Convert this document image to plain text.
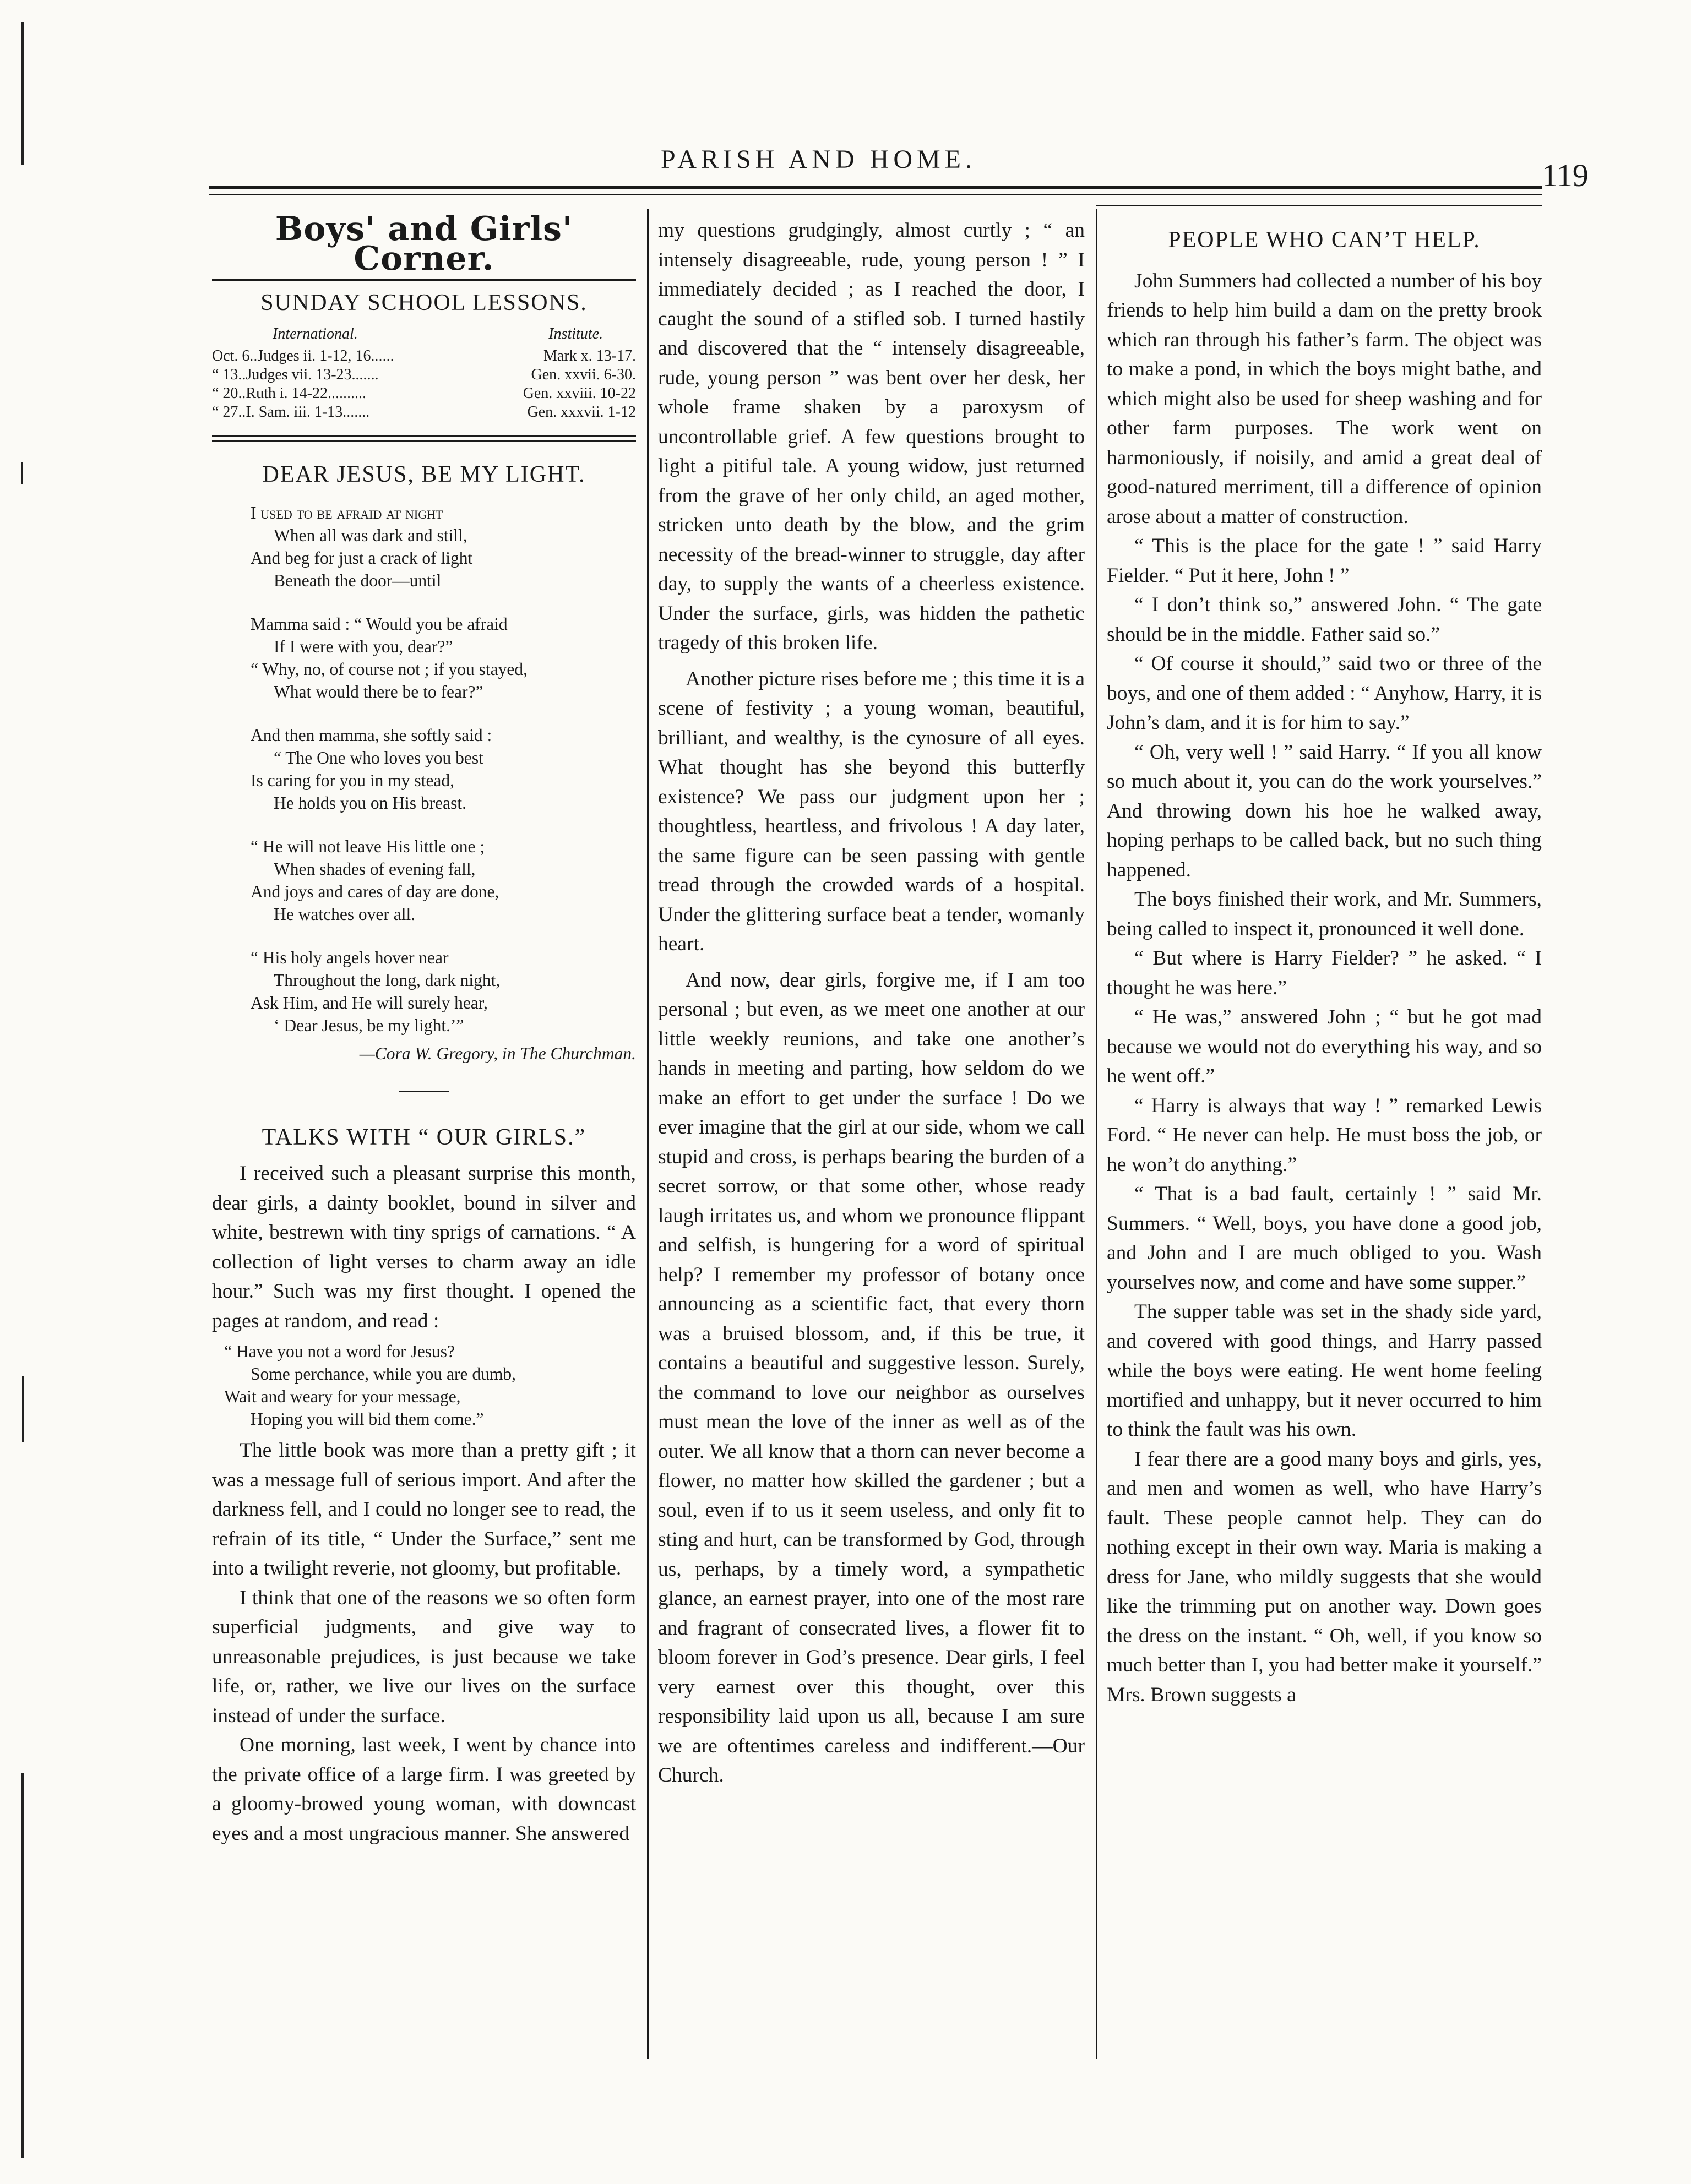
PARISH AND HOME.	119
Boys' and Girls' Corner.
SUNDAY SCHOOL LESSONS.
International.	Institute.
Oct. 6..Judges ii. 1-12, 16......	Mark x. 13-17.
“ 13..Judges vii. 13-23.......	Gen. xxvii. 6-30.
“ 20..Ruth i. 14-22..........	Gen. xxviii. 10-22
“ 27..I. Sam. iii. 1-13.......	Gen. xxxvii. 1-12
DEAR JESUS, BE MY LIGHT.
I used to be afraid at night
When all was dark and still,
And beg for just a crack of light
Beneath the door—until
Mamma said : “ Would you be afraid
If I were with you, dear?”
“ Why, no, of course not ; if you stayed,
What would there be to fear?”
And then mamma, she softly said :
“ The One who loves you best
Is caring for you in my stead,
He holds you on His breast.
“ He will not leave His little one ;
When shades of evening fall,
And joys and cares of day are done,
He watches over all.
“ His holy angels hover near
Throughout the long, dark night,
Ask Him, and He will surely hear,
‘ Dear Jesus, be my light.’”
—Cora W. Gregory, in The Churchman.
TALKS WITH “ OUR GIRLS.”

I received such a pleasant surprise this month, dear girls, a dainty booklet, bound in silver and white, bestrewn with tiny sprigs of carnations. “ A collection of light verses to charm away an idle hour.” Such was my first thought. I opened the pages at random, and read :

“ Have you not a word for Jesus?
Some perchance, while you are dumb,
Wait and weary for your message,
Hoping you will bid them come.”

The little book was more than a pretty gift ; it was a message full of serious import. And after the darkness fell, and I could no longer see to read, the refrain of its title, “ Under the Surface,” sent me into a twilight reverie, not gloomy, but profitable.

I think that one of the reasons we so often form superficial judgments, and give way to unreasonable prejudices, is just because we take life, or, rather, we live our lives on the surface instead of under the surface.

One morning, last week, I went by chance into the private office of a large firm. I was greeted by a gloomy-browed young woman, with downcast eyes and a most ungracious manner. She answered

my questions grudgingly, almost curtly ; “ an intensely disagreeable, rude, young person ! ” I immediately decided ; as I reached the door, I caught the sound of a stifled sob. I turned hastily and discovered that the “ intensely disagreeable, rude, young person ” was bent over her desk, her whole frame shaken by a paroxysm of uncontrollable grief. A few questions brought to light a pitiful tale. A young widow, just returned from the grave of her only child, an aged mother, stricken unto death by the blow, and the grim necessity of the bread-winner to struggle, day after day, to supply the wants of a cheerless existence. Under the surface, girls, was hidden the pathetic tragedy of this broken life.

Another picture rises before me ; this time it is a scene of festivity ; a young woman, beautiful, brilliant, and wealthy, is the cynosure of all eyes. What thought has she beyond this butterfly existence? We pass our judgment upon her ; thoughtless, heartless, and frivolous ! A day later, the same figure can be seen passing with gentle tread through the crowded wards of a hospital. Under the glittering surface beat a tender, womanly heart.

And now, dear girls, forgive me, if I am too personal ; but even, as we meet one another at our little weekly reunions, and take one another’s hands in meeting and parting, how seldom do we make an effort to get under the surface ! Do we ever imagine that the girl at our side, whom we call stupid and cross, is perhaps bearing the burden of a secret sorrow, or that some other, whose ready laugh irritates us, and whom we pronounce flippant and selfish, is hungering for a word of spiritual help? I remember my professor of botany once announcing as a scientific fact, that every thorn was a bruised blossom, and, if this be true, it contains a beautiful and suggestive lesson. Surely, the command to love our neighbor as ourselves must mean the love of the inner as well as of the outer. We all know that a thorn can never become a flower, no matter how skilled the gardener ; but a soul, even if to us it seem useless, and only fit to sting and hurt, can be transformed by God, through us, perhaps, by a timely word, a sympathetic glance, an earnest prayer, into one of the most rare and fragrant of consecrated lives, a flower fit to bloom forever in God’s presence. Dear girls, I feel very earnest over this thought, over this responsibility laid upon us all, because I am sure we are oftentimes careless and indifferent.—Our Church.

PEOPLE WHO CAN’T HELP.

John Summers had collected a number of his boy friends to help him build a dam on the pretty brook which ran through his father’s farm. The object was to make a pond, in which the boys might bathe, and which might also be used for sheep washing and for other farm purposes. The work went on harmoniously, if noisily, and amid a great deal of good-natured merriment, till a difference of opinion arose about a matter of construction.

“ This is the place for the gate ! ” said Harry Fielder. “ Put it here, John ! ”

“ I don’t think so,” answered John. “ The gate should be in the middle. Father said so.”

“ Of course it should,” said two or three of the boys, and one of them added : “ Anyhow, Harry, it is John’s dam, and it is for him to say.”

“ Oh, very well ! ” said Harry. “ If you all know so much about it, you can do the work yourselves.” And throwing down his hoe he walked away, hoping perhaps to be called back, but no such thing happened.

The boys finished their work, and Mr. Summers, being called to inspect it, pronounced it well done.

“ But where is Harry Fielder? ” he asked. “ I thought he was here.”

“ He was,” answered John ; “ but he got mad because we would not do everything his way, and so he went off.”

“ Harry is always that way ! ” remarked Lewis Ford. “ He never can help. He must boss the job, or he won’t do anything.”

“ That is a bad fault, certainly ! ” said Mr. Summers. “ Well, boys, you have done a good job, and John and I are much obliged to you. Wash yourselves now, and come and have some supper.”

The supper table was set in the shady side yard, and covered with good things, and Harry passed while the boys were eating. He went home feeling mortified and unhappy, but it never occurred to him to think the fault was his own.

I fear there are a good many boys and girls, yes, and men and women as well, who have Harry’s fault. These people cannot help. They can do nothing except in their own way. Maria is making a dress for Jane, who mildly suggests that she would like the trimming put on another way. Down goes the dress on the instant. “ Oh, well, if you know so much better than I, you had better make it yourself.” Mrs. Brown suggests a
